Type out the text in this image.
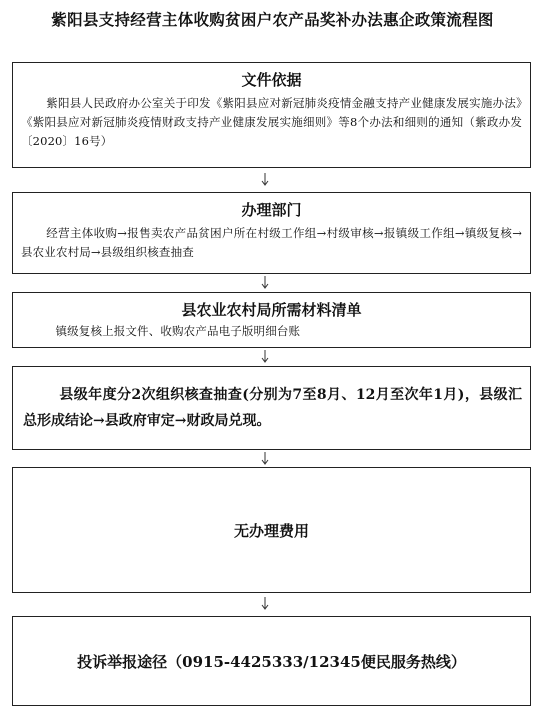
紫阳县支持经营主体收购贫困户农产品奖补办法惠企政策流程图
文件依据
紫阳县人民政府办公室关于印发《紫阳县应对新冠肺炎疫情金融支持产业健康发展实施办法》《紫阳县应对新冠肺炎疫情财政支持产业健康发展实施细则》等8个办法和细则的通知（紫政办发〔2020〕16号）
办理部门
经营主体收购→报售卖农产品贫困户所在村级工作组→村级审核→报镇级工作组→镇级复核→县农业农村局→县级组织核查抽查
县农业农村局所需材料清单
镇级复核上报文件、收购农产品电子版明细台账
县级年度分2次组织核查抽查(分别为7至8月、12月至次年1月)，县级汇总形成结论→县政府审定→财政局兑现。
无办理费用
投诉举报途径（0915-4425333/12345便民服务热线）
